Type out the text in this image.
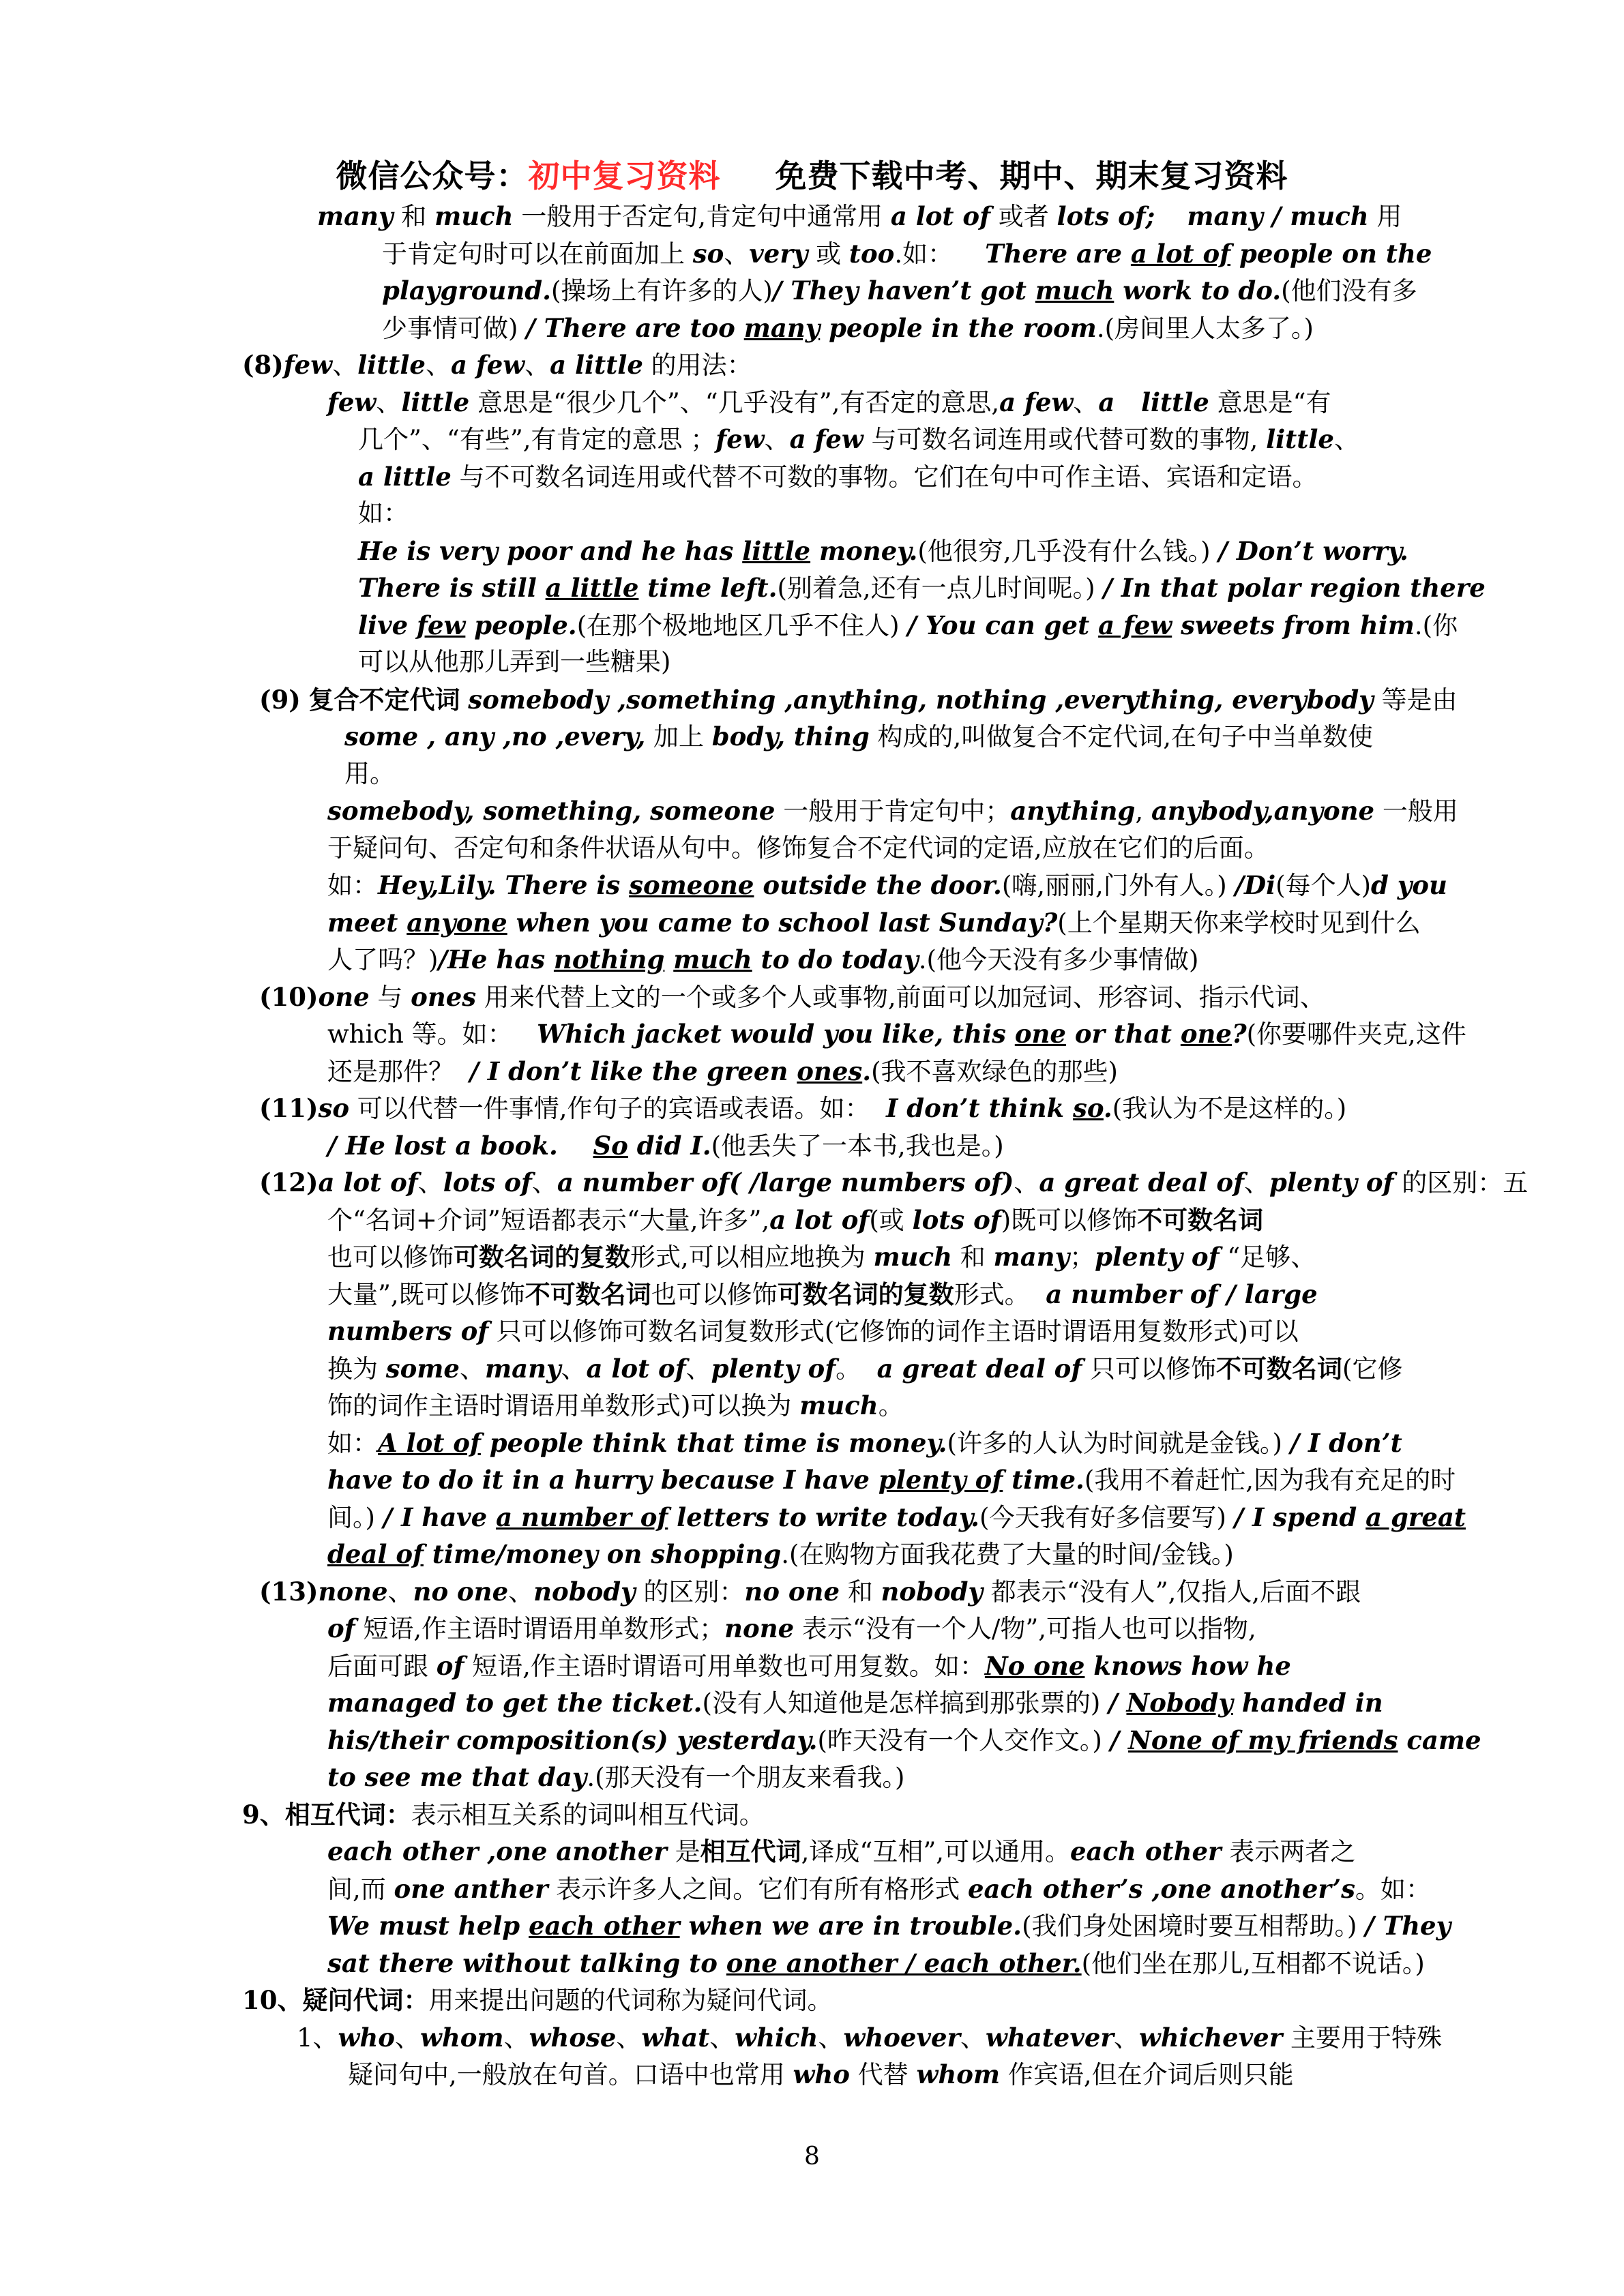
微信公众号：初中复习资料 免费下载中考、期中、期末复习资料
many 和 much 一般用于否定句,肯定句中通常用 a lot of 或者 lots of; many / much 用
于肯定句时可以在前面加上 so、very 或 too.如：    There are a lot of people on the
playground.(操场上有许多的人)/ They haven’t got much work to do.(他们没有多
少事情可做) / There are too many people in the room.(房间里人太多了。)
(8)few、little、a few、a little 的用法：
few、little 意思是“很少几个”、“几乎没有”,有否定的意思,a few、a   little 意思是“有
几个”、“有些”,有肯定的意思 ；few、a few 与可数名词连用或代替可数的事物, little、
a little 与不可数名词连用或代替不可数的事物。它们在句中可作主语、宾语和定语。
如：
He is very poor and he has little money.(他很穷,几乎没有什么钱。) / Don’t worry.
There is still a little time left.(别着急,还有一点儿时间呢。) / In that polar region there
live few people.(在那个极地地区几乎不住人) / You can get a few sweets from him.(你
可以从他那儿弄到一些糖果)
(9) 复合不定代词 somebody ,something ,anything, nothing ,everything, everybody 等是由
some , any ,no ,every, 加上 body, thing 构成的,叫做复合不定代词,在句子中当单数使
用。
somebody, something, someone 一般用于肯定句中；anything, anybody,anyone 一般用
于疑问句、否定句和条件状语从句中。修饰复合不定代词的定语,应放在它们的后面。
如：Hey,Lily. There is someone outside the door.(嗨,丽丽,门外有人。) /Di(每个人)d you
meet anyone when you came to school last Sunday?(上个星期天你来学校时见到什么
人了吗？)/He has nothing much to do today.(他今天没有多少事情做)
(10)one 与 ones 用来代替上文的一个或多个人或事物,前面可以加冠词、形容词、指示代词、
which 等。如：   Which jacket would you like, this one or that one?(你要哪件夹克,这件
还是那件？  / I don’t like the green ones.(我不喜欢绿色的那些)
(11)so 可以代替一件事情,作句子的宾语或表语。如：  I don’t think so.(我认为不是这样的。)
/ He lost a book.    So did I.(他丢失了一本书,我也是。)
(12)a lot of、lots of、a number of( /large numbers of)、a great deal of、plenty of 的区别：五
个“名词+介词”短语都表示“大量,许多”,a lot of(或 lots of)既可以修饰不可数名词
也可以修饰可数名词的复数形式,可以相应地换为 much 和 many；plenty of “足够、
大量”,既可以修饰不可数名词也可以修饰可数名词的复数形式。  a number of / large
numbers of 只可以修饰可数名词复数形式(它修饰的词作主语时谓语用复数形式)可以
换为 some、many、a lot of、plenty of。  a great deal of 只可以修饰不可数名词(它修
饰的词作主语时谓语用单数形式)可以换为 much。
如：A lot of people think that time is money.(许多的人认为时间就是金钱。) / I don’t
have to do it in a hurry because I have plenty of time.(我用不着赶忙,因为我有充足的时
间。) / I have a number of letters to write today.(今天我有好多信要写) / I spend a great
deal of time/money on shopping.(在购物方面我花费了大量的时间/金钱。)
(13)none、no one、nobody 的区别：no one 和 nobody 都表示“没有人”,仅指人,后面不跟
of 短语,作主语时谓语用单数形式；none 表示“没有一个人/物”,可指人也可以指物,
后面可跟 of 短语,作主语时谓语可用单数也可用复数。如：No one knows how he
managed to get the ticket.(没有人知道他是怎样搞到那张票的) / Nobody handed in
his/their composition(s) yesterday.(昨天没有一个人交作文。) / None of my friends came
to see me that day.(那天没有一个朋友来看我。)
9、相互代词：表示相互关系的词叫相互代词。
each other ,one another 是相互代词,译成“互相”,可以通用。each other 表示两者之
间,而 one anther 表示许多人之间。它们有所有格形式 each other’s ,one another’s。如：
We must help each other when we are in trouble.(我们身处困境时要互相帮助。) / They
sat there without talking to one another / each other.(他们坐在那儿,互相都不说话。)
10、疑问代词：用来提出问题的代词称为疑问代词。
1、who、whom、whose、what、which、whoever、whatever、whichever 主要用于特殊
疑问句中,一般放在句首。口语中也常用 who 代替 whom 作宾语,但在介词后则只能
8
